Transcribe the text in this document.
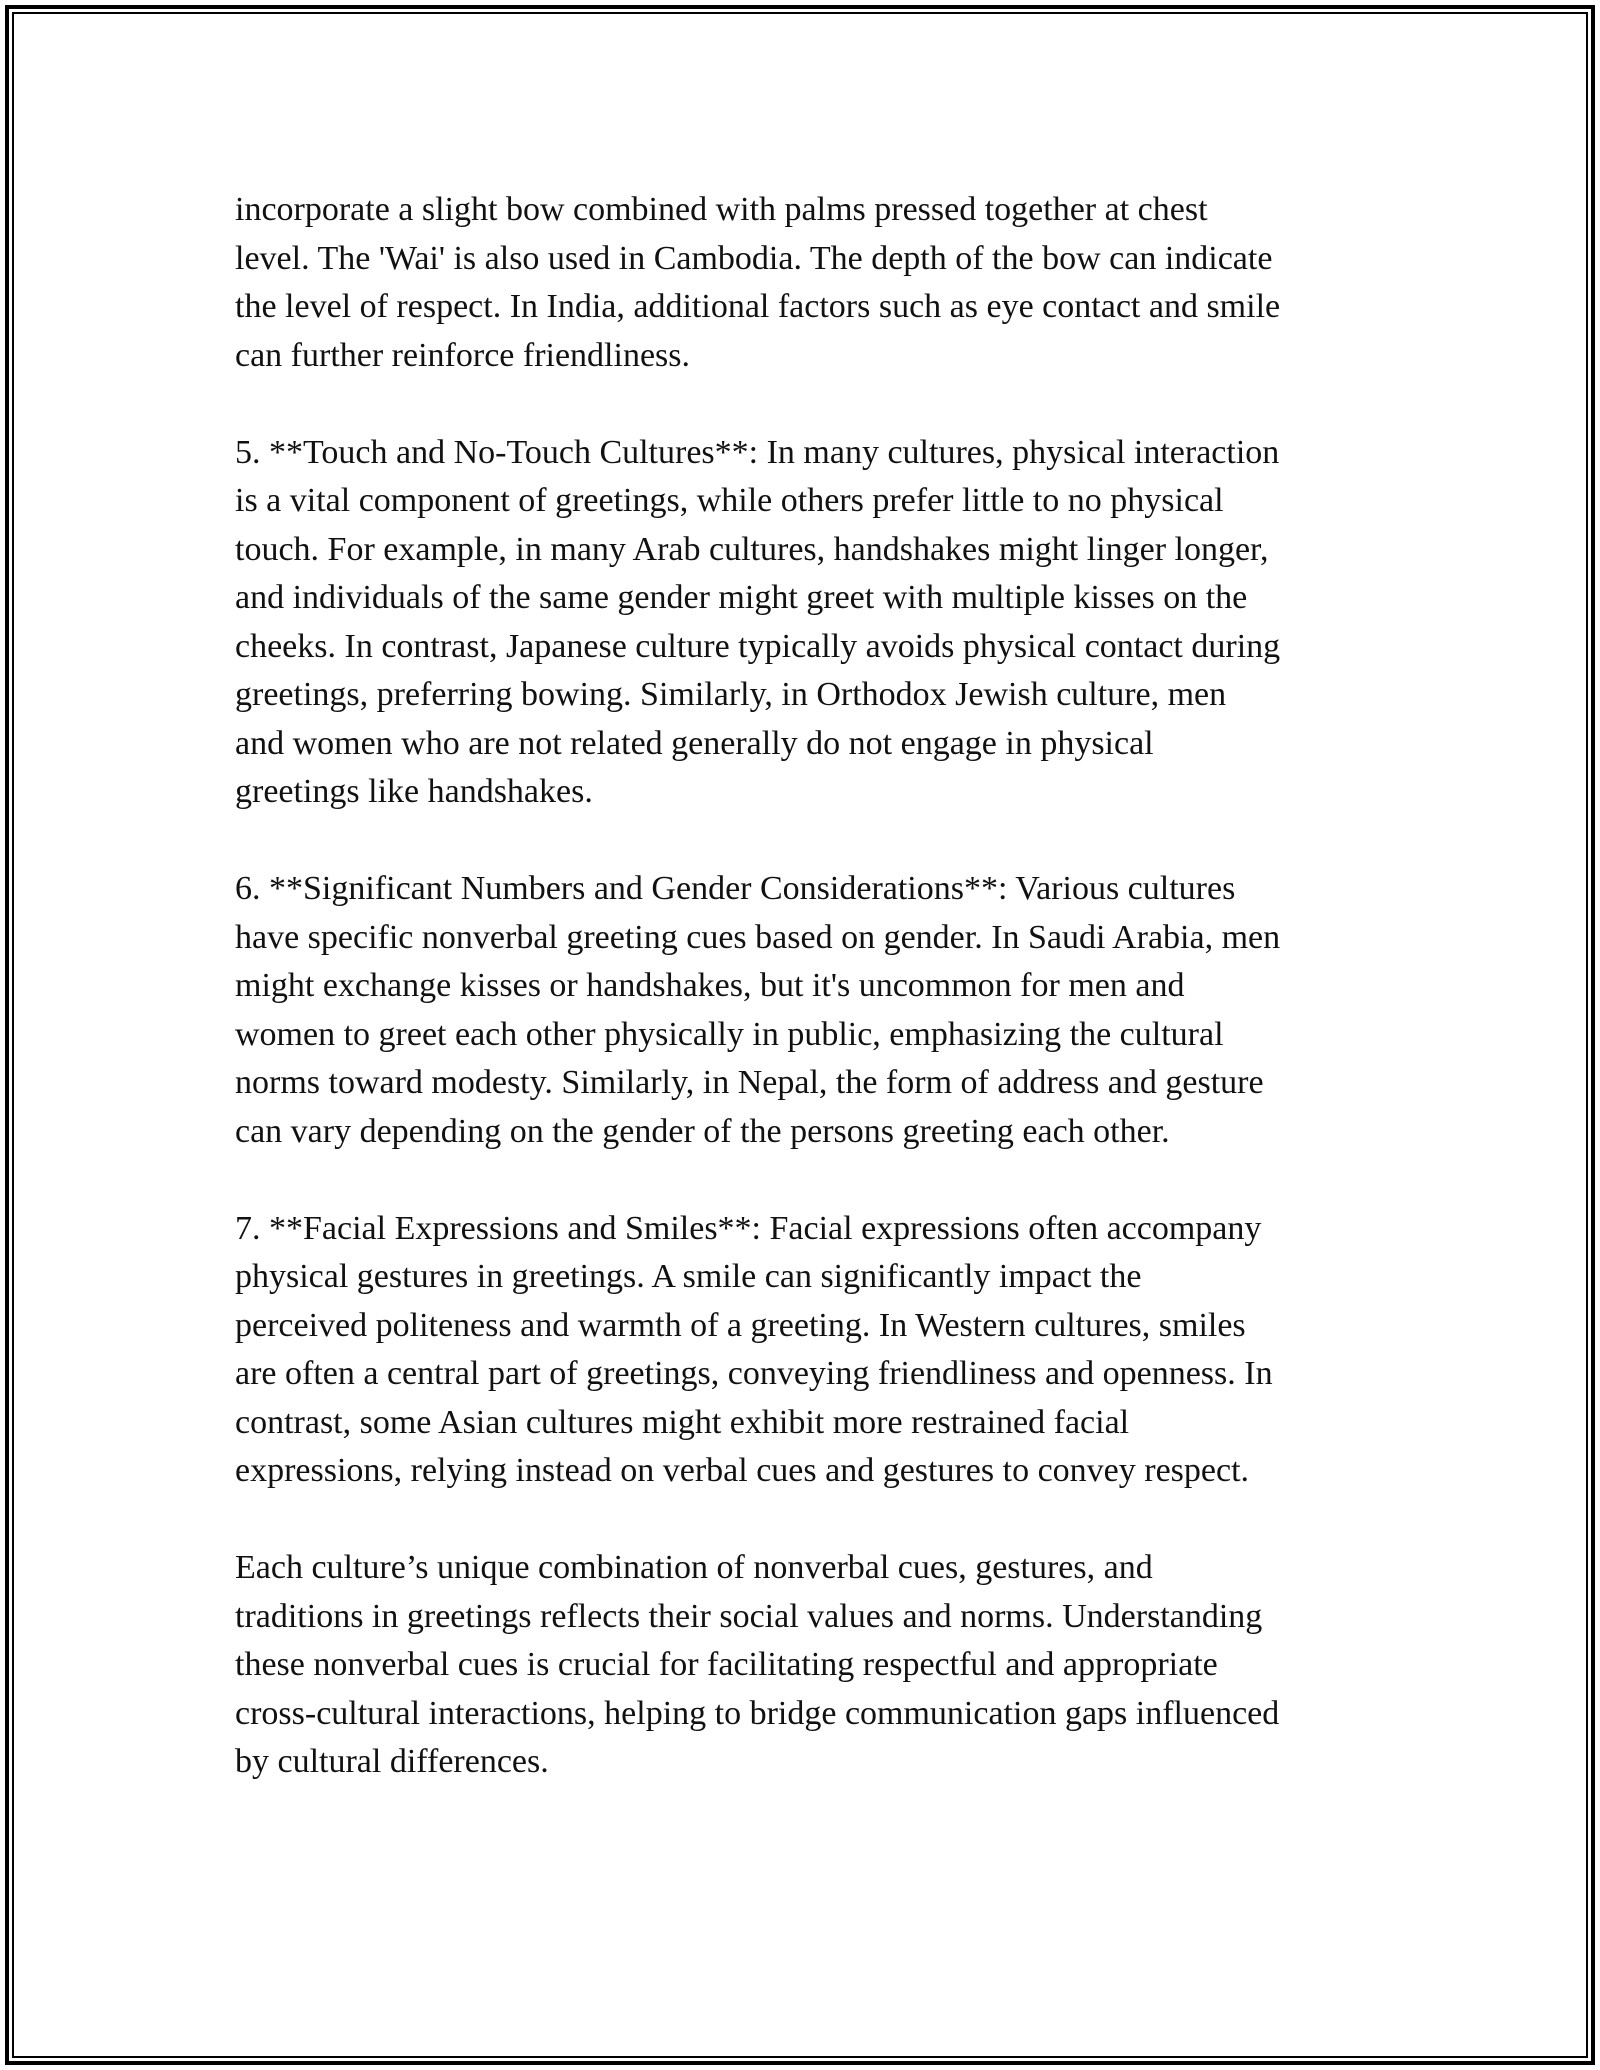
incorporate a slight bow combined with palms pressed together at chest
level. The 'Wai' is also used in Cambodia. The depth of the bow can indicate
the level of respect. In India, additional factors such as eye contact and smile
can further reinforce friendliness.

5. **Touch and No-Touch Cultures**: In many cultures, physical interaction
is a vital component of greetings, while others prefer little to no physical
touch. For example, in many Arab cultures, handshakes might linger longer,
and individuals of the same gender might greet with multiple kisses on the
cheeks. In contrast, Japanese culture typically avoids physical contact during
greetings, preferring bowing. Similarly, in Orthodox Jewish culture, men
and women who are not related generally do not engage in physical
greetings like handshakes.

6. **Significant Numbers and Gender Considerations**: Various cultures
have specific nonverbal greeting cues based on gender. In Saudi Arabia, men
might exchange kisses or handshakes, but it's uncommon for men and
women to greet each other physically in public, emphasizing the cultural
norms toward modesty. Similarly, in Nepal, the form of address and gesture
can vary depending on the gender of the persons greeting each other.

7. **Facial Expressions and Smiles**: Facial expressions often accompany
physical gestures in greetings. A smile can significantly impact the
perceived politeness and warmth of a greeting. In Western cultures, smiles
are often a central part of greetings, conveying friendliness and openness. In
contrast, some Asian cultures might exhibit more restrained facial
expressions, relying instead on verbal cues and gestures to convey respect.

Each culture’s unique combination of nonverbal cues, gestures, and
traditions in greetings reflects their social values and norms. Understanding
these nonverbal cues is crucial for facilitating respectful and appropriate
cross-cultural interactions, helping to bridge communication gaps influenced
by cultural differences.
